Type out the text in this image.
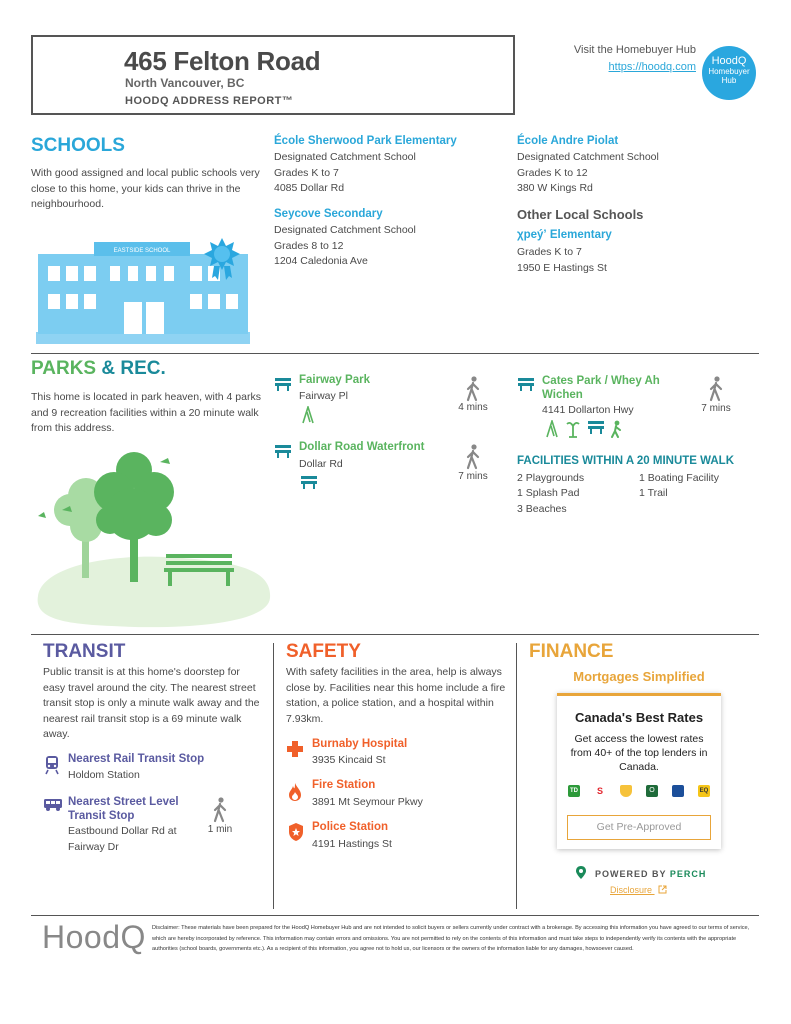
465 Felton Road
North Vancouver, BC
HOODQ ADDRESS REPORT™
Visit the Homebuyer Hub
https://hoodq.com	HoodQ
Homebuyer
Hub
SCHOOLS
With good assigned and local public schools very close to this home, your kids can thrive in the neighbourhood.
EASTSIDE SCHOOL
École Sherwood Park Elementary
Designated Catchment School
Grades K to 7
4085 Dollar Rd
Seycove Secondary
Designated Catchment School
Grades 8 to 12
1204 Caledonia Ave
École Andre Piolat
Designated Catchment School
Grades K to 12
380 W Kings Rd
Other Local Schools
χpeýʼ Elementary
Grades K to 7
1950 E Hastings St
PARKS & REC.
This home is located in park heaven, with 4 parks and 9 recreation facilities within a 20 minute walk from this address.
Fairway Park
Fairway Pl
4 mins
Dollar Road Waterfront
Dollar Rd
7 mins
Cates Park / Whey Ah Wichen
4141 Dollarton Hwy
	7 mins
FACILITIES WITHIN A 20 MINUTE WALK
2 Playgrounds	1 Boating Facility
1 Splash Pad	1 Trail
3 Beaches
TRANSIT
Public transit is at this home's doorstep for easy travel around the city. The nearest street transit stop is only a minute walk away and the nearest rail transit stop is a 69 minute walk away.
Nearest Rail Transit Stop
Holdom Station
Nearest Street Level Transit Stop
Eastbound Dollar Rd at Fairway Dr
1 min
SAFETY
With safety facilities in the area, help is always close by. Facilities near this home include a fire station, a police station, and a hospital within 7.93km.
Burnaby Hospital
3935 Kincaid St
Fire Station
3891 Mt Seymour Pkwy
Police Station
4191 Hastings St
FINANCE
Mortgages Simplified
Canada's Best Rates
Get access the lowest rates from 40+ of the top lenders in Canada.
TD	S	O	EQ
Get Pre-Approved
POWERED BY PERCH
Disclosure
HoodQ Disclaimer: These materials have been prepared for the HoodQ Homebuyer Hub and are not intended to solicit buyers or sellers currently under contract with a brokerage. By accessing this information you have agreed to our terms of service, which are hereby incorporated by reference. This information may contain errors and omissions. You are not permitted to rely on the contents of this information and must take steps to independently verify its contents with the appropriate authorities (school boards, governments etc.). As a recipient of this information, you agree not to hold us, our licensors or the owners of the information liable for any damages, howsoever caused.
